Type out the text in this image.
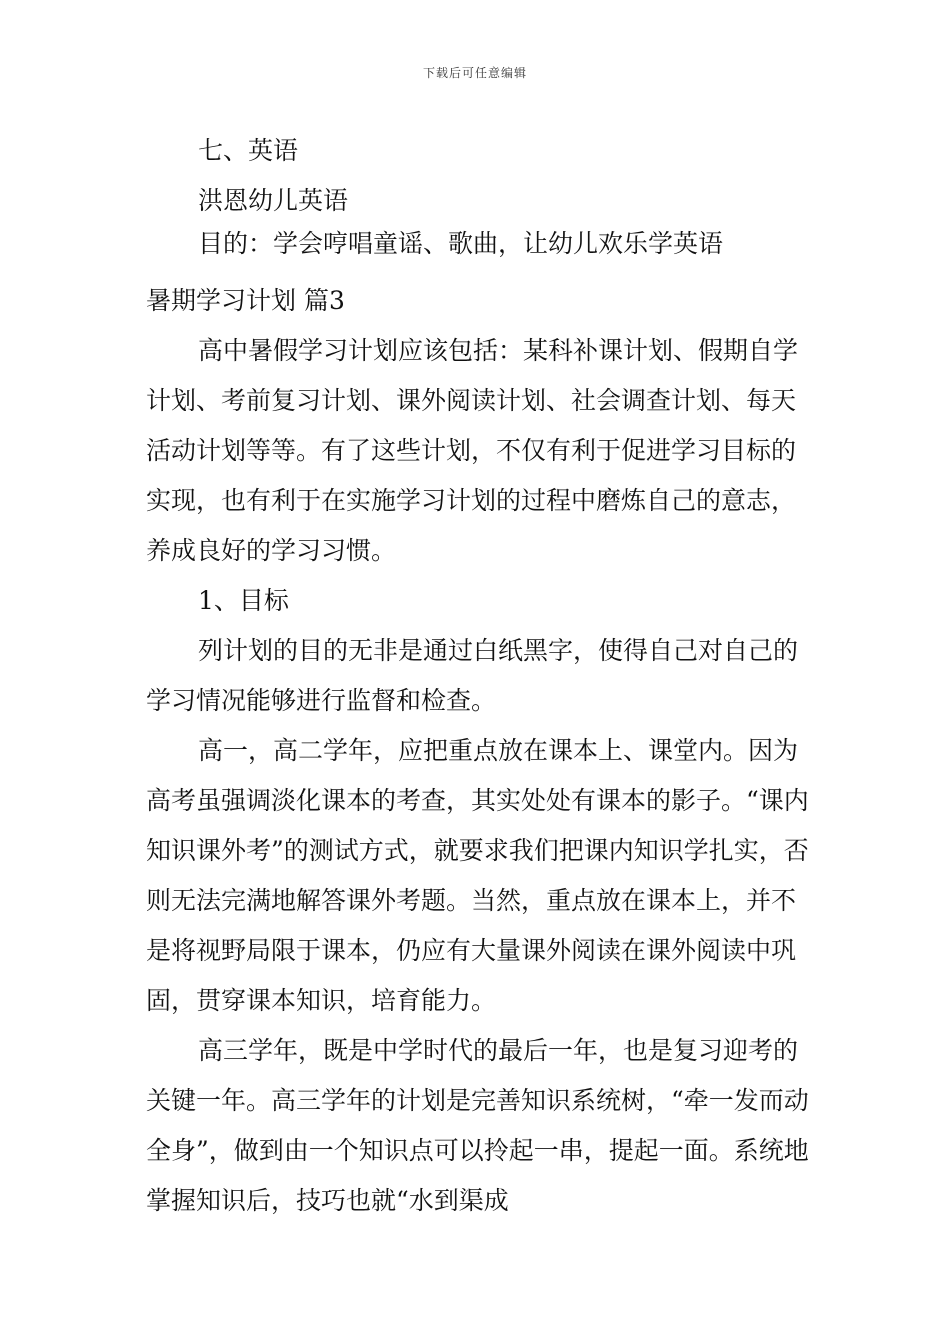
下载后可任意编辑

七、英语

洪恩幼儿英语

目的：学会哼唱童谣、歌曲，让幼儿欢乐学英语

暑期学习计划 篇3

高中暑假学习计划应该包括：某科补课计划、假期自学计划、考前复习计划、课外阅读计划、社会调查计划、每天活动计划等等。有了这些计划，不仅有利于促进学习目标的实现，也有利于在实施学习计划的过程中磨炼自己的意志，养成良好的学习习惯。

1、目标

列计划的目的无非是通过白纸黑字，使得自己对自己的学习情况能够进行监督和检查。

高一，高二学年，应把重点放在课本上、课堂内。因为高考虽强调淡化课本的考查，其实处处有课本的影子。“课内知识课外考”的测试方式，就要求我们把课内知识学扎实，否则无法完满地解答课外考题。当然，重点放在课本上，并不是将视野局限于课本，仍应有大量课外阅读在课外阅读中巩固，贯穿课本知识，培育能力。

高三学年，既是中学时代的最后一年，也是复习迎考的关键一年。高三学年的计划是完善知识系统树，“牵一发而动全身”，做到由一个知识点可以拎起一串，提起一面。系统地掌握知识后，技巧也就“水到渠成
